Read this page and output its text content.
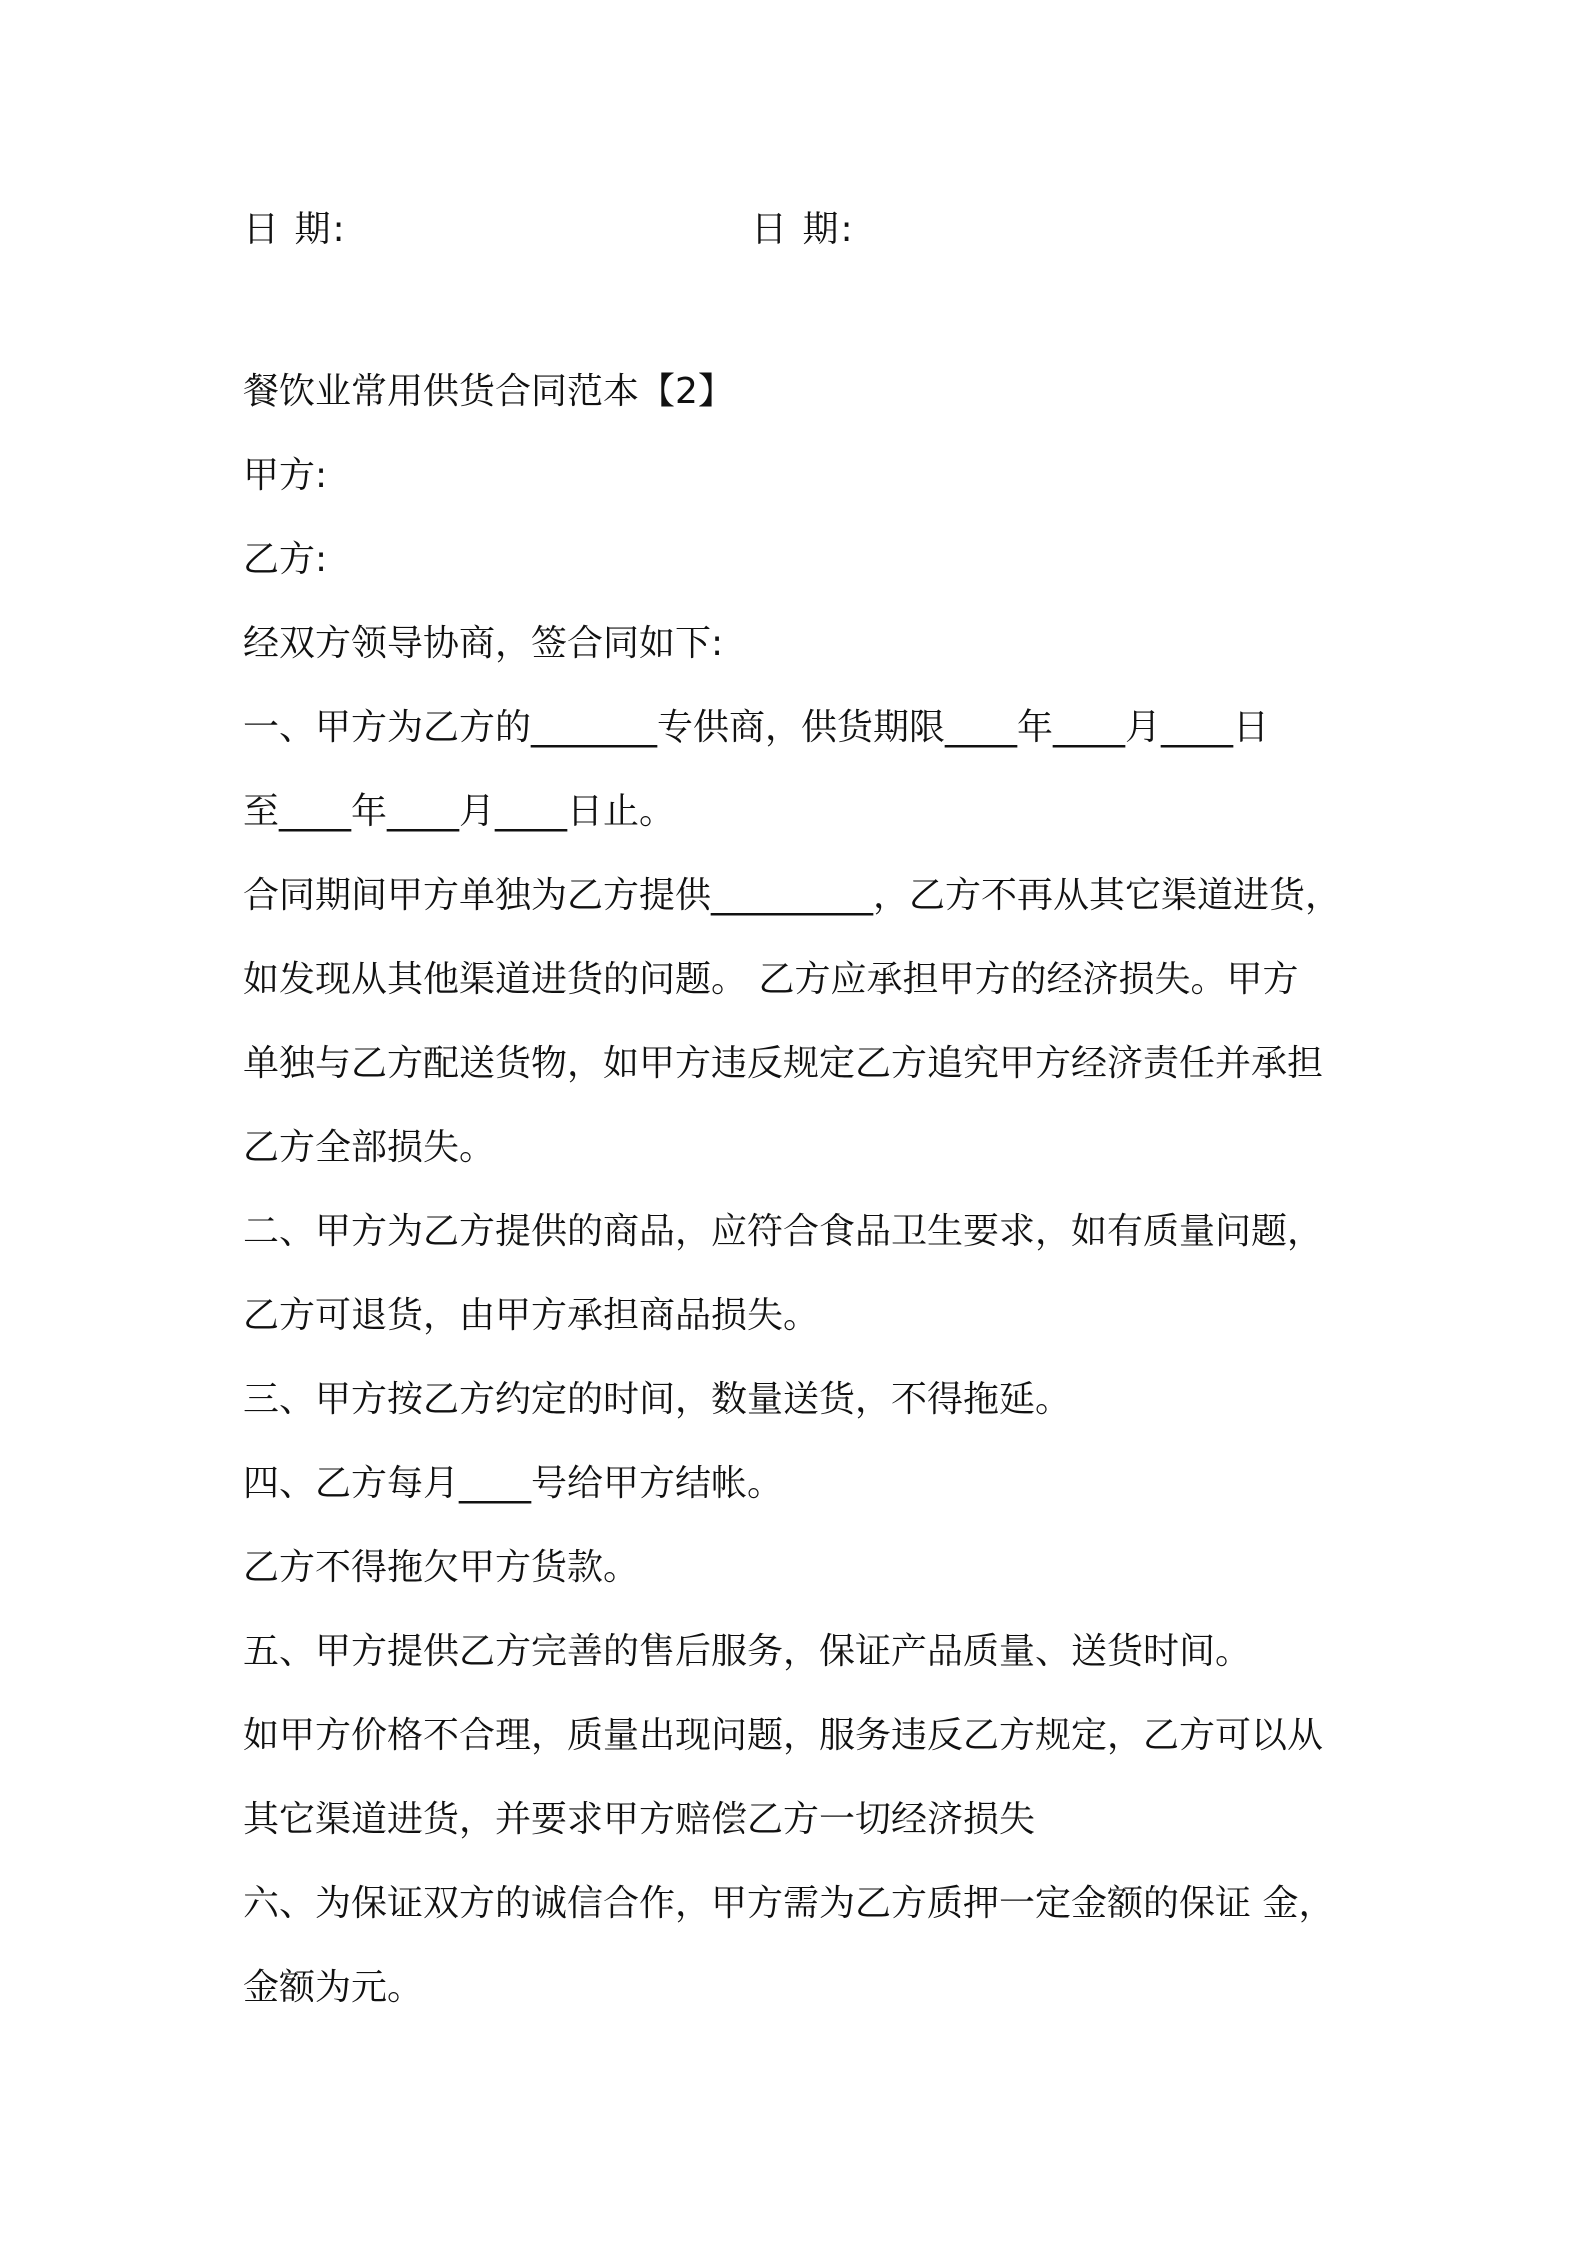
日 期:	日 期:
餐饮业常用供货合同范本【2】
甲方:
乙方:
经双方领导协商，签合同如下:
一、甲方为乙方的_______专供商，供货期限____年____月____日
至____年____月____日止。
合同期间甲方单独为乙方提供_________，乙方不再从其它渠道进货，
如发现从其他渠道进货的问题。 乙方应承担甲方的经济损失。甲方
单独与乙方配送货物，如甲方违反规定乙方追究甲方经济责任并承担
乙方全部损失。
二、甲方为乙方提供的商品，应符合食品卫生要求，如有质量问题，
乙方可退货，由甲方承担商品损失。
三、甲方按乙方约定的时间，数量送货，不得拖延。
四、乙方每月____号给甲方结帐。
乙方不得拖欠甲方货款。
五、甲方提供乙方完善的售后服务，保证产品质量、送货时间。
如甲方价格不合理，质量出现问题，服务违反乙方规定，乙方可以从
其它渠道进货，并要求甲方赔偿乙方一切经济损失
六、为保证双方的诚信合作，甲方需为乙方质押一定金额的保证 金，
金额为元。
